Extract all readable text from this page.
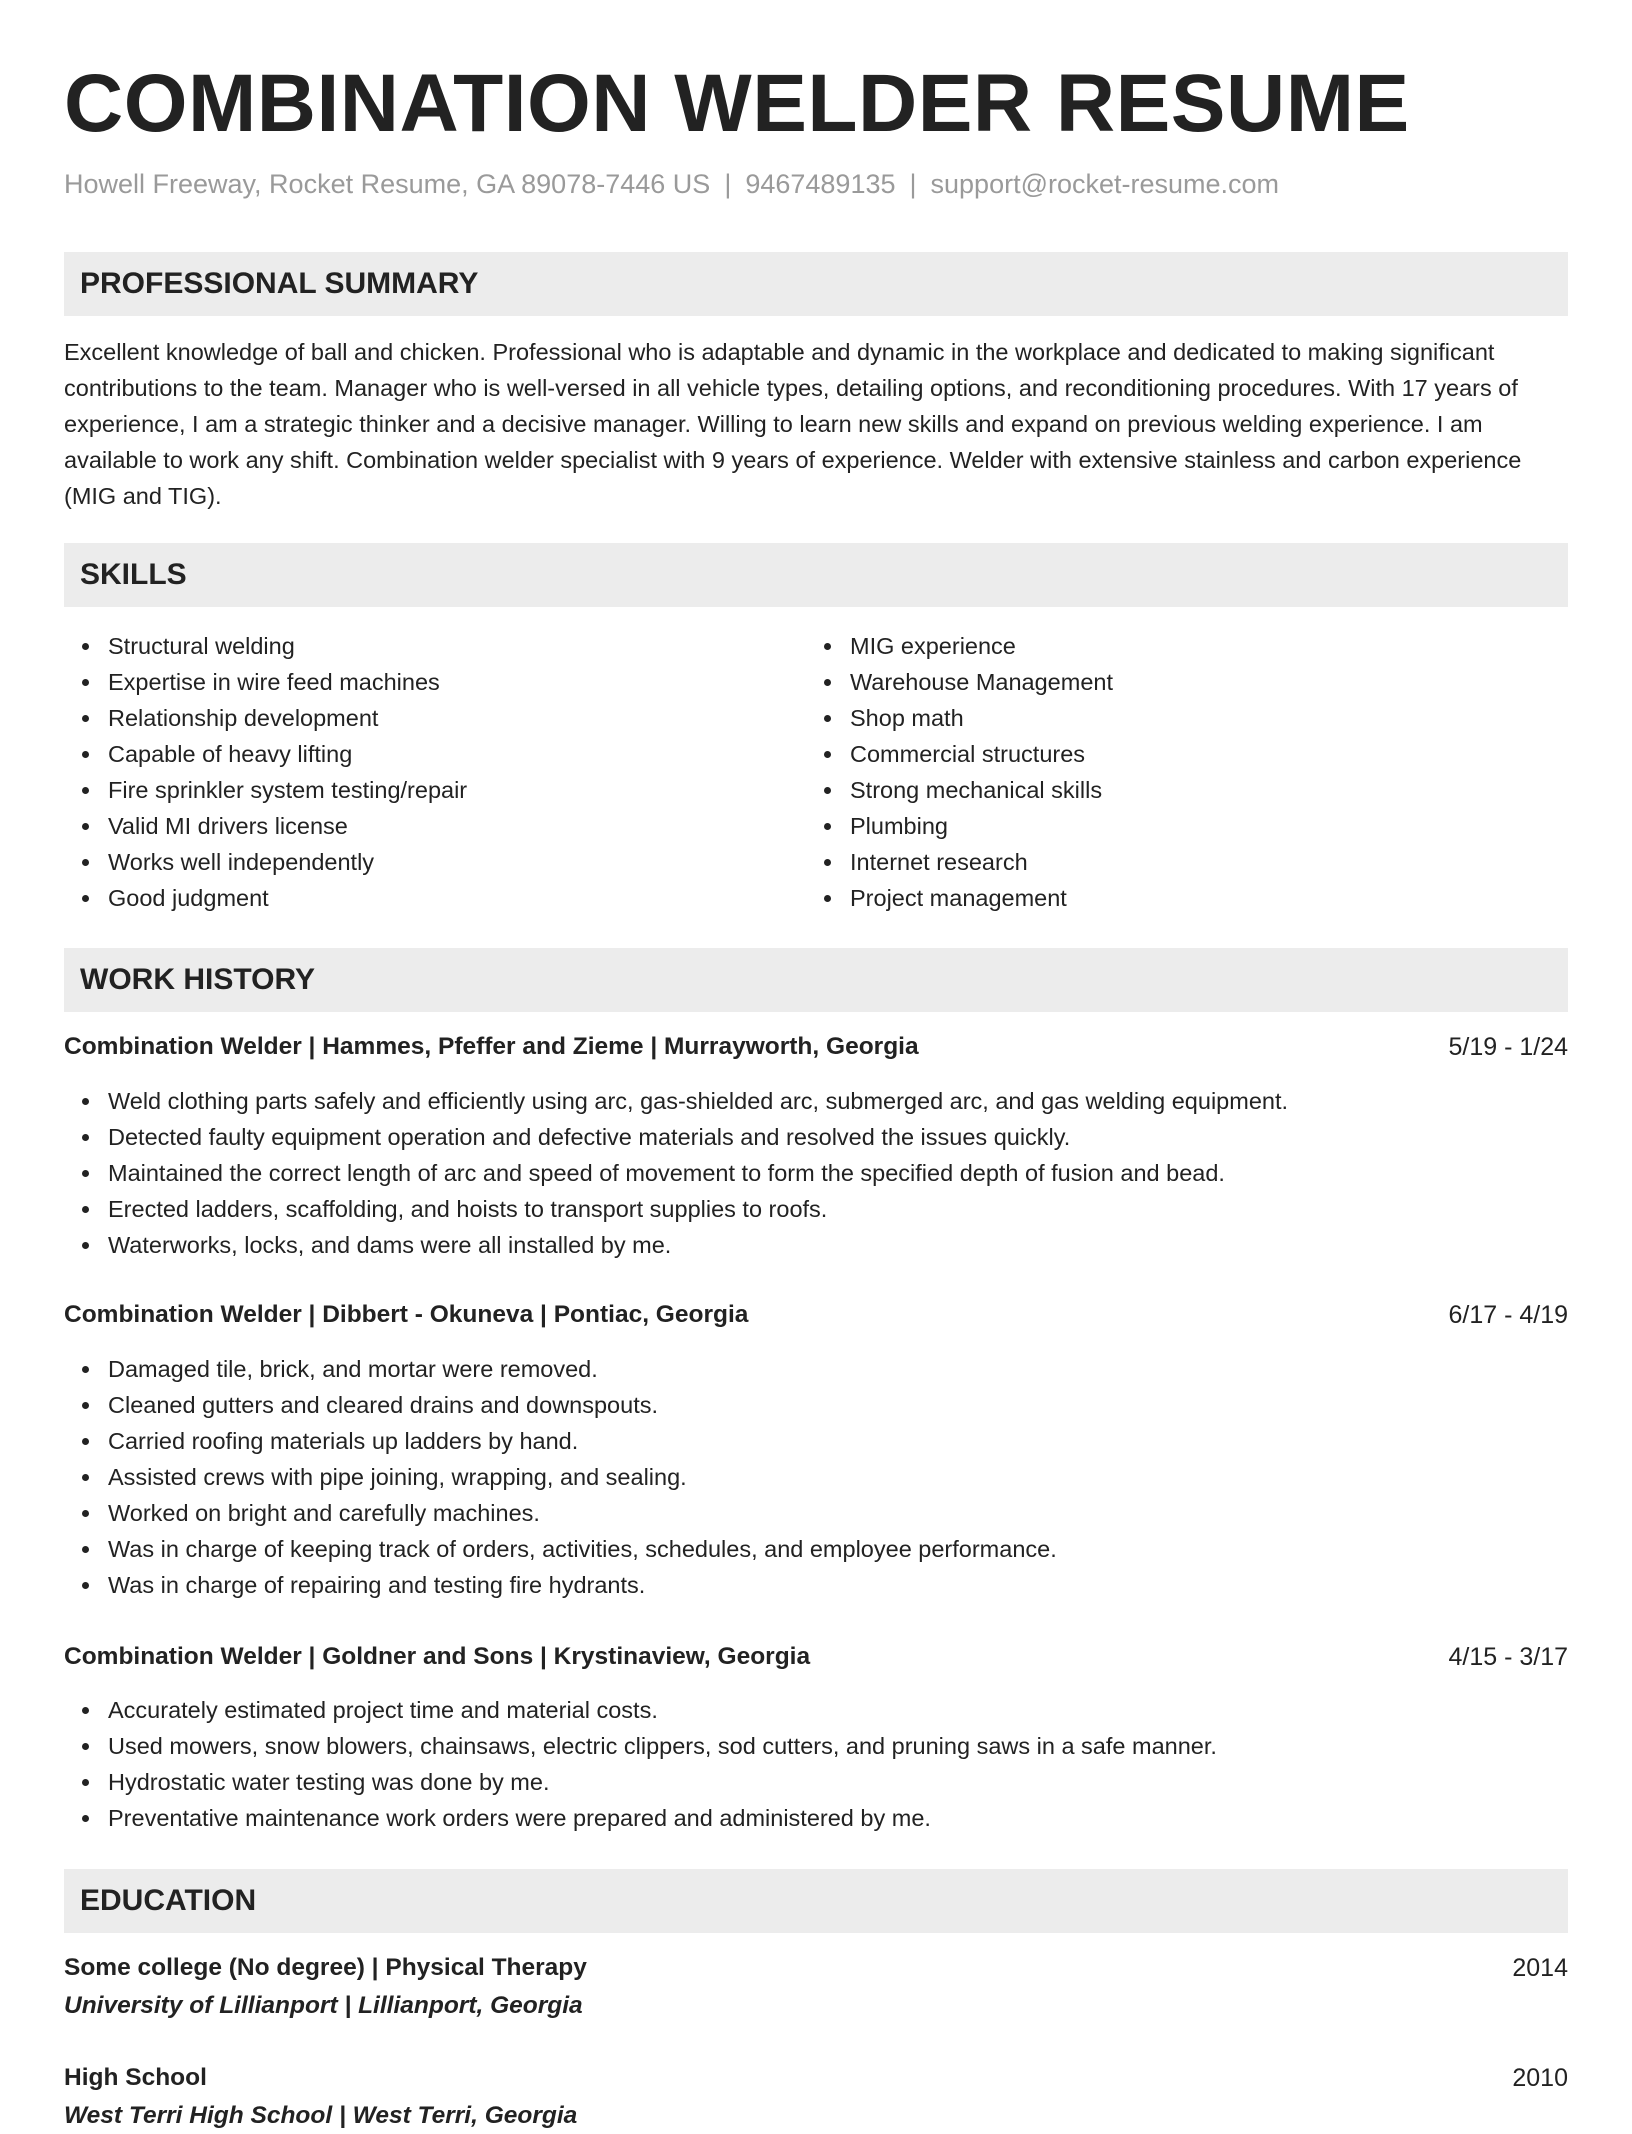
COMBINATION WELDER RESUME
Howell Freeway, Rocket Resume, GA 89078-7446 US | 9467489135 | support@rocket-resume.com
PROFESSIONAL SUMMARY

Excellent knowledge of ball and chicken. Professional who is adaptable and dynamic in the workplace and dedicated to making significant contributions to the team. Manager who is well-versed in all vehicle types, detailing options, and reconditioning procedures. With 17 years of experience, I am a strategic thinker and a decisive manager. Willing to learn new skills and expand on previous welding experience. I am available to work any shift. Combination welder specialist with 9 years of experience. Welder with extensive stainless and carbon experience (MIG and TIG).

SKILLS
Structural welding
Expertise in wire feed machines
Relationship development
Capable of heavy lifting
Fire sprinkler system testing/repair
Valid MI drivers license
Works well independently
Good judgment
MIG experience
Warehouse Management
Shop math
Commercial structures
Strong mechanical skills
Plumbing
Internet research
Project management
WORK HISTORY
Combination Welder | Hammes, Pfeffer and Zieme | Murrayworth, Georgia	5/19 - 1/24
Weld clothing parts safely and efficiently using arc, gas-shielded arc, submerged arc, and gas welding equipment.
Detected faulty equipment operation and defective materials and resolved the issues quickly.
Maintained the correct length of arc and speed of movement to form the specified depth of fusion and bead.
Erected ladders, scaffolding, and hoists to transport supplies to roofs.
Waterworks, locks, and dams were all installed by me.
Combination Welder | Dibbert - Okuneva | Pontiac, Georgia	6/17 - 4/19
Damaged tile, brick, and mortar were removed.
Cleaned gutters and cleared drains and downspouts.
Carried roofing materials up ladders by hand.
Assisted crews with pipe joining, wrapping, and sealing.
Worked on bright and carefully machines.
Was in charge of keeping track of orders, activities, schedules, and employee performance.
Was in charge of repairing and testing fire hydrants.
Combination Welder | Goldner and Sons | Krystinaview, Georgia	4/15 - 3/17
Accurately estimated project time and material costs.
Used mowers, snow blowers, chainsaws, electric clippers, sod cutters, and pruning saws in a safe manner.
Hydrostatic water testing was done by me.
Preventative maintenance work orders were prepared and administered by me.
EDUCATION
Some college (No degree) | Physical Therapy	2014
University of Lillianport | Lillianport, Georgia
High School	2010
West Terri High School | West Terri, Georgia
